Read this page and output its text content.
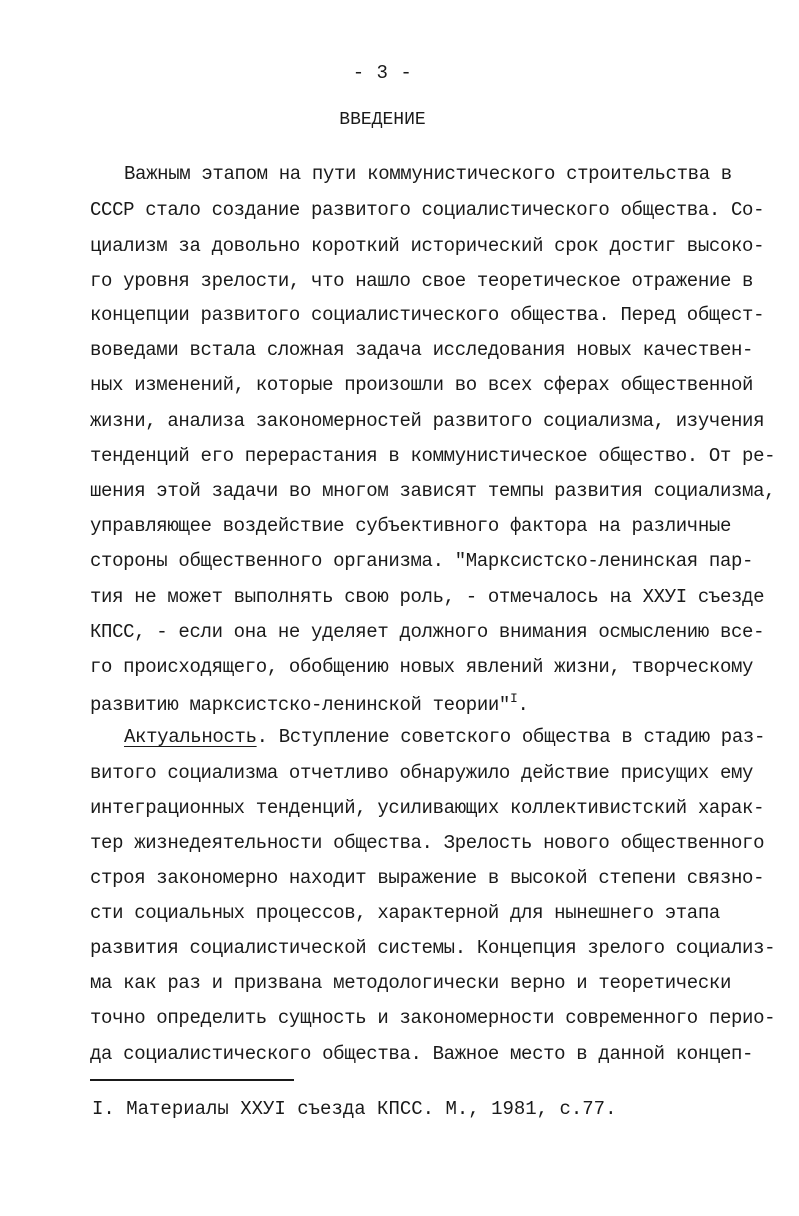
- 3 -
ВВЕДЕНИЕ
Важным этапом на пути коммунистического строительства в
СССР стало создание развитого социалистического общества. Со-
циализм за довольно короткий исторический срок достиг высоко-
го уровня зрелости, что нашло свое теоретическое отражение в
концепции развитого социалистического общества. Перед общест-
воведами встала сложная задача исследования новых качествен-
ных изменений, которые произошли во всех сферах общественной
жизни, анализа закономерностей развитого социализма, изучения
тенденций его перерастания в коммунистическое общество. От ре-
шения этой задачи во многом зависят темпы развития социализма,
управляющее воздействие субъективного фактора на различные
стороны общественного организма. "Марксистско-ленинская пар-
тия не может выполнять свою роль, - отмечалось на ХХУI съезде
КПСС, - если она не уделяет должного внимания осмыслению все-
го происходящего, обобщению новых явлений жизни, творческому
развитию марксистско-ленинской теории"$^I$.
Актуальность. Вступление советского общества в стадию раз-
витого социализма отчетливо обнаружило действие присущих ему
интеграционных тенденций, усиливающих коллективистский харак-
тер жизнедеятельности общества. Зрелость нового общественного
строя закономерно находит выражение в высокой степени связно-
сти социальных процессов, характерной для нынешнего этапа
развития социалистической системы. Концепция зрелого социализ-
ма как раз и призвана методологически верно и теоретически
точно определить сущность и закономерности современного перио-
да социалистического общества. Важное место в данной концеп-
I. Материалы ХХУI съезда КПСС. М., 1981, с.77.
